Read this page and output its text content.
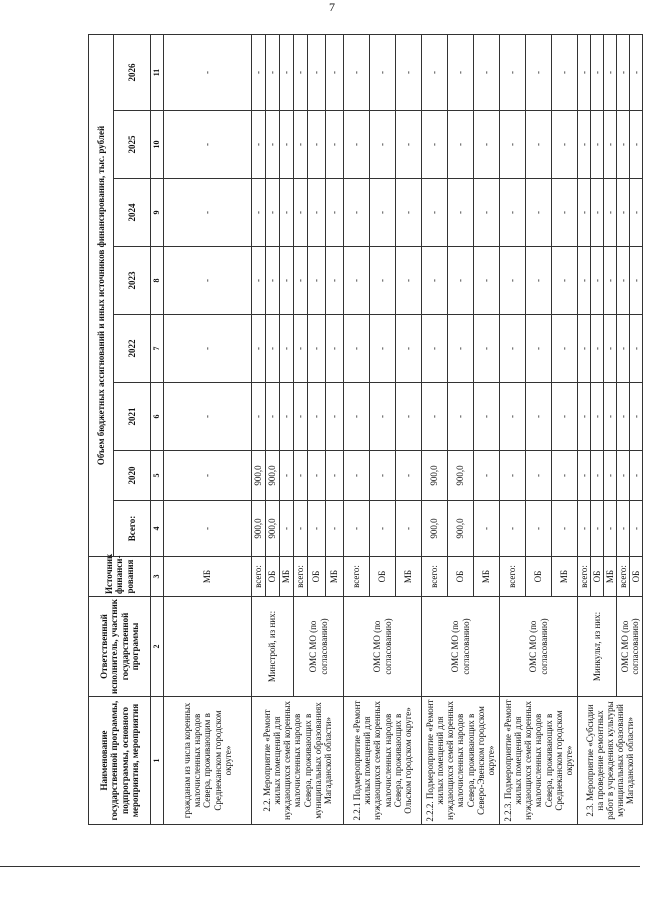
7
Наименование государственной программы, подпрограммы, основного мероприятия, мероприятия	Ответственный исполнитель, участник государственной программы	Источник финанси-рования	Объем бюджетных ассигнований и иных источников финансирования, тыс. рублей							
			Всего:	2020	2021	2022	2023	2024	2025	2026
1	2	3	4	5	6	7	8	9	10	11
гражданам из числа коренных малочисленных народов Севера, проживающим в Среднеканском городском округе»		МБ	-	-	-	-	-	-	-	-
2.2. Мероприятие «Ремонт жилых помещений для нуждающихся семей коренных малочисленных народов Севера, проживающих в муниципальных образованиях Магаданской области»	Минстрой, из них:	всего:	900,0	900,0	-	-	-	-	-	-
		ОБ	900,0	900,0	-	-	-	-	-	-
		МБ	-	-	-	-	-	-	-	-
	ОМС МО (по согласованию)	всего:	-	-	-	-	-	-	-	-
		ОБ	-	-	-	-	-	-	-	-
		МБ	-	-	-	-	-	-	-	-
2.2.1 Подмероприятие «Ремонт жилых помещений для нуждающихся семей коренных малочисленных народов Севера, проживающих в Ольском городском округе»	ОМС МО (по согласованию)	всего:	-	-	-	-	-	-	-	-
		ОБ	-	-	-	-	-	-	-	-
		МБ	-	-	-	-	-	-	-	-
2.2.2. Подмероприятие «Ремонт жилых помещений для нуждающихся семей коренных малочисленных народов Севера, проживающих в Северо-Эвенском городском округе»	ОМС МО (по согласованию)	всего:	900,0	900,0	-	-	-	-	-	-
		ОБ	900,0	900,0	-	-	-	-	-	-
		МБ	-	-	-	-	-	-	-	-
2.2.3. Подмероприятие «Ремонт жилых помещений для нуждающихся семей коренных малочисленных народов Севера, проживающих в Среднеканском городском округе»	ОМС МО (по согласованию)	всего:	-	-	-	-	-	-	-	-
		ОБ	-	-	-	-	-	-	-	-
		МБ	-	-	-	-	-	-	-	-
2.3. Мероприятие «Субсидии на проведение ремонтных работ в учреждениях культуры муниципальных образований Магаданской области»	Минкульт, из них:	всего:	-	-	-	-	-	-	-	-
		ОБ	-	-	-	-	-	-	-	-
		МБ	-	-	-	-	-	-	-	-
	ОМС МО (по согласованию)	всего:	-	-	-	-	-	-	-	-
		ОБ	-	-	-	-	-	-	-	-
